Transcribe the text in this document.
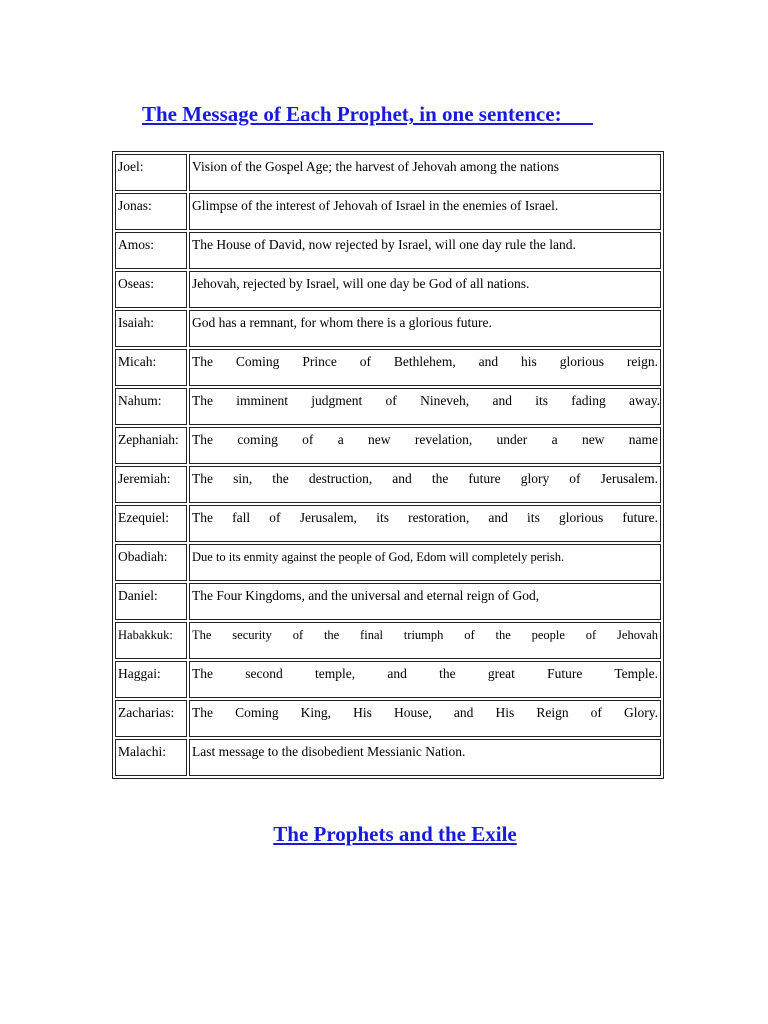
The Message of Each Prophet, in one sentence:
Joel:	Vision of the Gospel Age; the harvest of Jehovah among the nations
Jonas:	Glimpse of the interest of Jehovah of Israel in the enemies of Israel.
Amos:	The House of David, now rejected by Israel, will one day rule the land.
Oseas:	Jehovah, rejected by Israel, will one day be God of all nations.
Isaiah:	God has a remnant, for whom there is a glorious future.
Micah:	The Coming Prince of Bethlehem, and his glorious reign.
Nahum:	The imminent judgment of Nineveh, and its fading away.
Zephaniah:	The coming of a new revelation, under a new name
Jeremiah:	The sin, the destruction, and the future glory of Jerusalem.
Ezequiel:	The fall of Jerusalem, its restoration, and its glorious future.
Obadiah:	Due to its enmity against the people of God, Edom will completely perish.
Daniel:	The Four Kingdoms, and the universal and eternal reign of God,
Habakkuk:	The security of the final triumph of the people of Jehovah
Haggai:	The second temple, and the great Future Temple.
Zacharias:	The Coming King, His House, and His Reign of Glory.
Malachi:	Last message to the disobedient Messianic Nation.
The Prophets and the Exile
